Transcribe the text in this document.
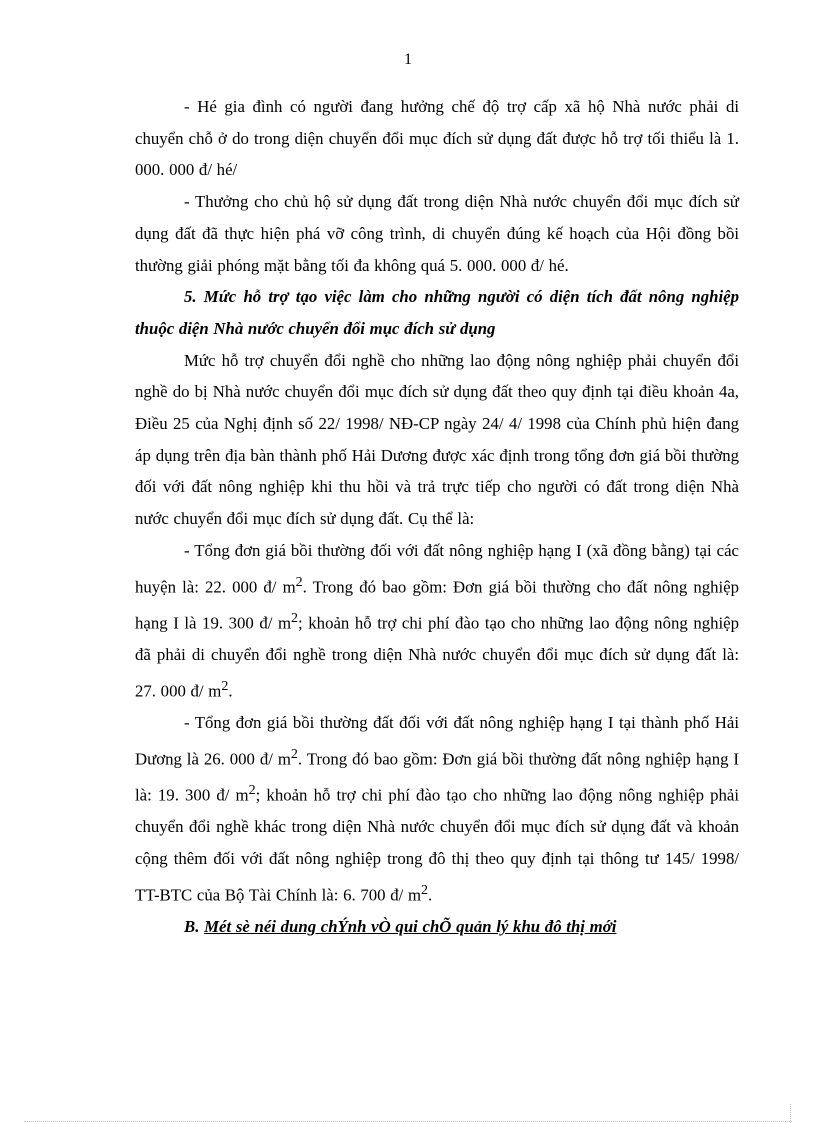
1

- Hé gia đình có người đang hưởng chế độ trợ cấp xã hộ Nhà nước phải di chuyển chỗ ở do trong diện chuyển đổi mục đích sử dụng đất được hỗ trợ tối thiểu là 1. 000. 000 đ/ hé/

- Thưởng cho chủ hộ sử dụng đất trong diện Nhà nước chuyển đổi mục đích sử dụng đất đã thực hiện phá vỡ công trình, di chuyển đúng kế hoạch của Hội đồng bồi thường giải phóng mặt bằng tối đa không quá 5. 000. 000 đ/ hé.

5. Mức hỗ trợ tạo việc làm cho những người có diện tích đất nông nghiệp thuộc diện Nhà nước chuyển đổi mục đích sử dụng

Mức hỗ trợ chuyển đổi nghề cho những lao động nông nghiệp phải chuyển đổi nghề do bị Nhà nước chuyển đổi mục đích sử dụng đất theo quy định tại điều khoản 4a, Điều 25 của Nghị định số 22/ 1998/ NĐ-CP ngày 24/ 4/ 1998 của Chính phủ hiện đang áp dụng trên địa bàn thành phố Hải Dương được xác định trong tổng đơn giá bồi thường đối với đất nông nghiệp khi thu hồi và trả trực tiếp cho người có đất trong diện Nhà nước chuyển đổi mục đích sử dụng đất. Cụ thể là:

- Tổng đơn giá bồi thường đối với đất nông nghiệp hạng I (xã đồng bằng) tại các huyện là: 22. 000 đ/ $m^2$. Trong đó bao gồm: Đơn giá bồi thường cho đất nông nghiệp hạng I là 19. 300 đ/ $m^2$; khoản hỗ trợ chi phí đào tạo cho những lao động nông nghiệp đã phải di chuyển đổi nghề trong diện Nhà nước chuyển đổi mục đích sử dụng đất là: 27. 000 đ/ $m^2$.

- Tổng đơn giá bồi thường đất đối với đất nông nghiệp hạng I tại thành phố Hải Dương là 26. 000 đ/ $m^2$. Trong đó bao gồm: Đơn giá bồi thường đất nông nghiệp hạng I là: 19. 300 đ/ $m^2$; khoản hỗ trợ chi phí đào tạo cho những lao động nông nghiệp phải chuyển đổi nghề khác trong diện Nhà nước chuyển đổi mục đích sử dụng đất và khoản cộng thêm đối với đất nông nghiệp trong đô thị theo quy định tại thông tư 145/ 1998/ TT-BTC của Bộ Tài Chính là: 6. 700 đ/ $m^2$.

B. Mét sè néi dung chÝnh vÒ qui chÕ quản lý khu đô thị mới
